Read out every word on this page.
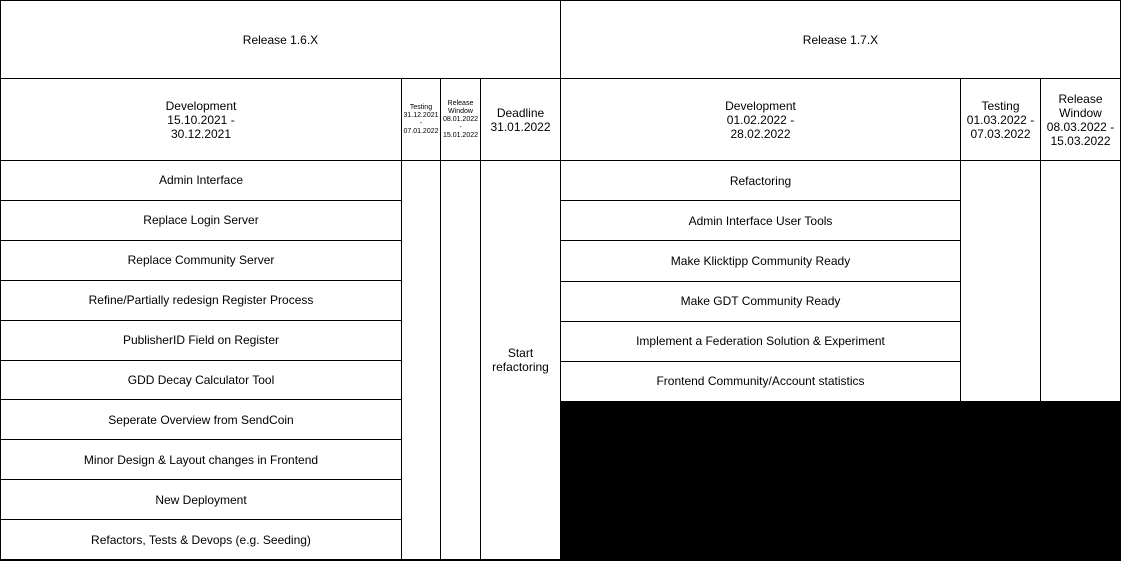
Release 1.6.X
Development
15.10.2021 -
30.12.2021
Testing
31.12.2021
-
07.01.2022
Release
Window
08.01.2022
-
15.01.2022
Deadline
31.01.2022
Admin Interface
Replace Login Server
Replace Community Server
Refine/Partially redesign Register Process
PublisherID Field on Register
GDD Decay Calculator Tool
Seperate Overview from SendCoin
Minor Design & Layout changes in Frontend
New Deployment
Refactors, Tests & Devops (e.g. Seeding)
Start refactoring
Release 1.7.X
Development
01.02.2022 -
28.02.2022
Testing
01.03.2022 -
07.03.2022
Release
Window
08.03.2022 -
15.03.2022
Refactoring
Admin Interface User Tools
Make Klicktipp Community Ready
Make GDT Community Ready
Implement a Federation Solution & Experiment
Frontend Community/Account statistics
